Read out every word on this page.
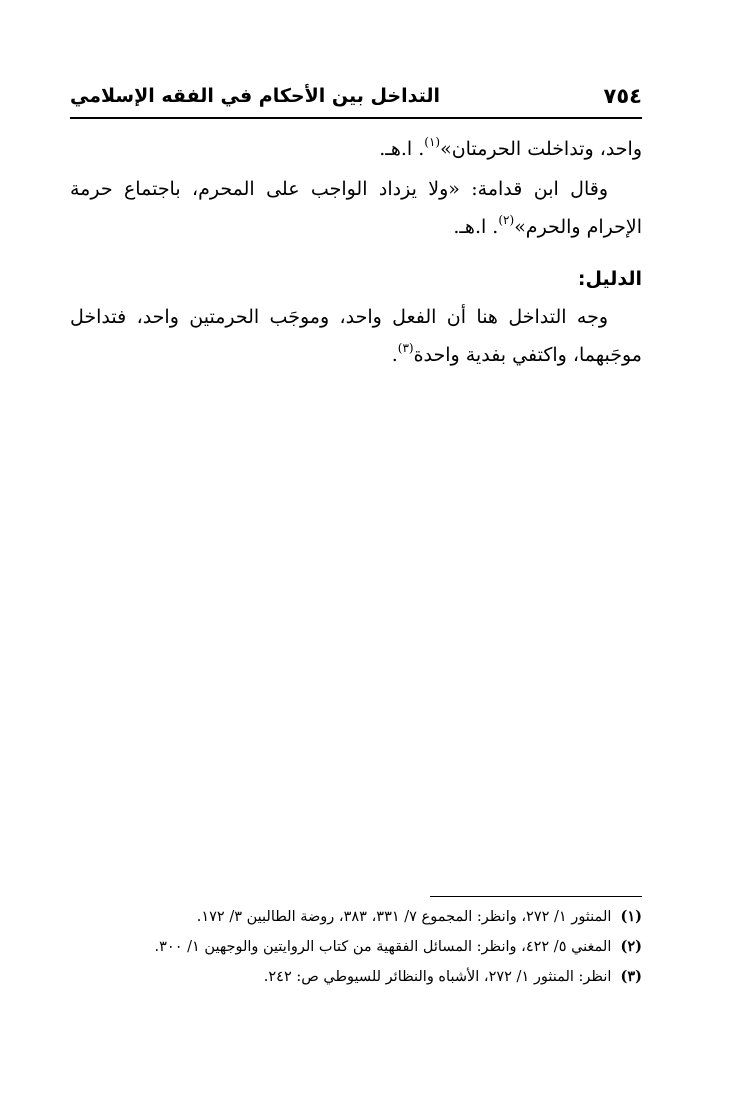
٧٥٤
التداخل بين الأحكام في الفقه الإسلامي

واحد، وتداخلت الحرمتان»$^{(١)}$. ا.هـ.

وقال ابن قدامة: «ولا يزداد الواجب على المحرم، باجتماع حرمة الإحرام والحرم»$^{(٢)}$. ا.هـ.

الدليل:

وجه التداخل هنا أن الفعل واحد، وموجَب الحرمتين واحد، فتداخل موجَبهما، واكتفي بفدية واحدة$^{(٣)}$.

(١) المنثور ١/ ٢٧٢، وانظر: المجموع ٧/ ٣٣١، ٣٨٣، روضة الطالبين ٣/ ١٧٢.

(٢) المغني ٥/ ٤٢٢، وانظر: المسائل الفقهية من كتاب الروايتين والوجهين ١/ ٣٠٠.

(٣) انظر: المنثور ١/ ٢٧٢، الأشباه والنظائر للسيوطي ص: ٢٤٢.
